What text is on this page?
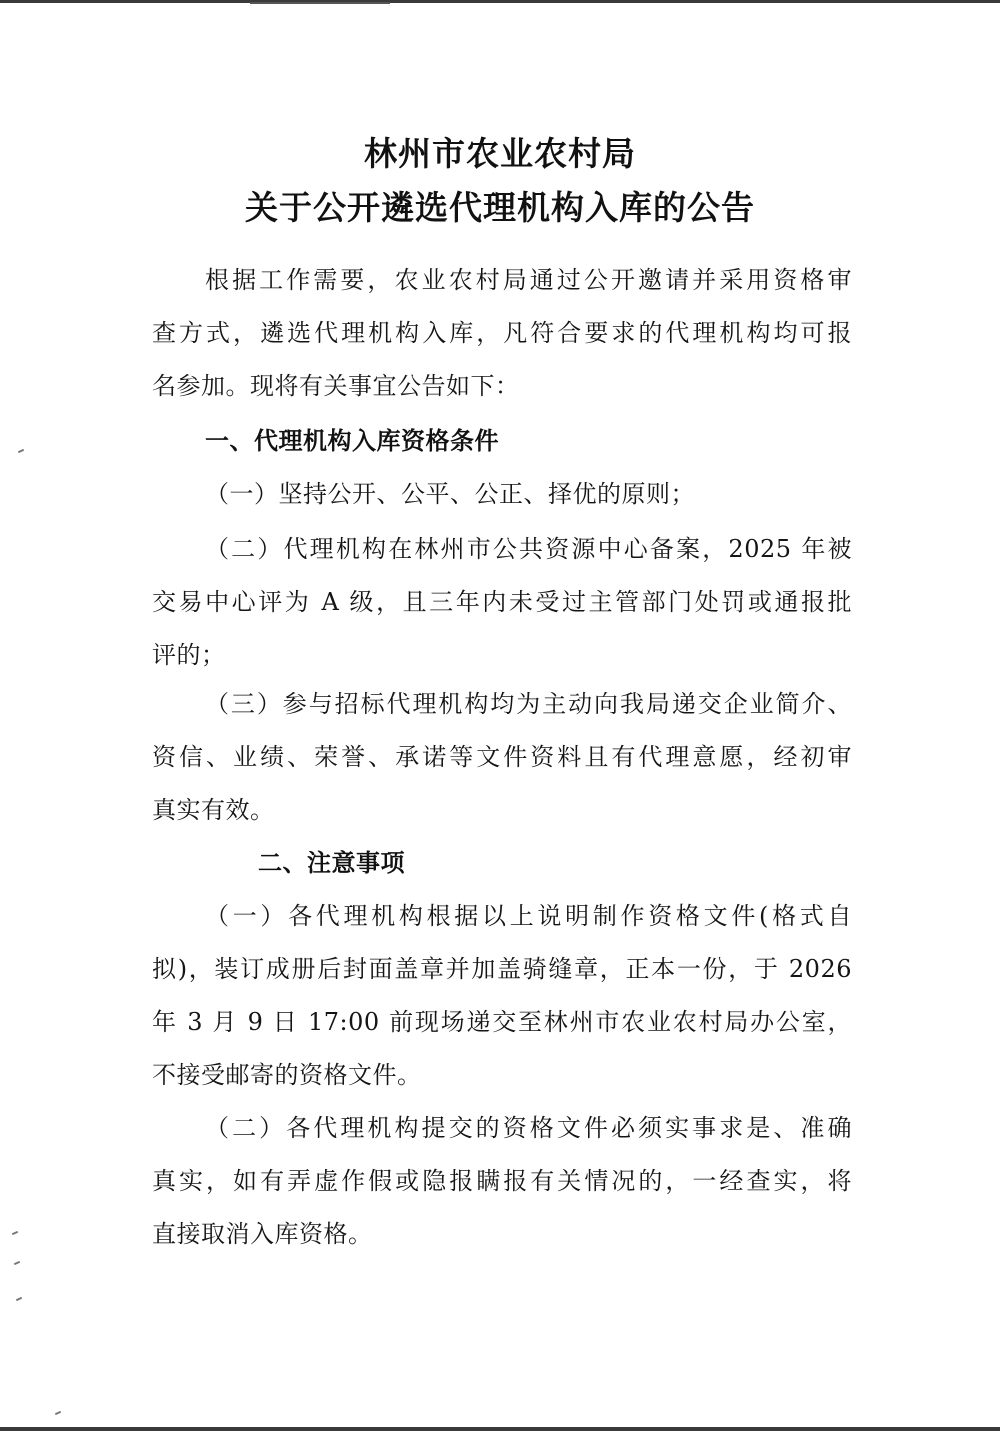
林州市农业农村局
关于公开遴选代理机构入库的公告
根据工作需要，农业农村局通过公开邀请并采用资格审
查方式，遴选代理机构入库，凡符合要求的代理机构均可报
名参加。现将有关事宜公告如下：
一、代理机构入库资格条件
（一）坚持公开、公平、公正、择优的原则；
（二）代理机构在林州市公共资源中心备案，2025 年被
交易中心评为 A 级，且三年内未受过主管部门处罚或通报批
评的；
（三）参与招标代理机构均为主动向我局递交企业简介、
资信、业绩、荣誉、承诺等文件资料且有代理意愿，经初审
真实有效。
二、注意事项
（一）各代理机构根据以上说明制作资格文件(格式自
拟)，装订成册后封面盖章并加盖骑缝章，正本一份，于 2026
年 3 月 9 日 17:00 前现场递交至林州市农业农村局办公室，
不接受邮寄的资格文件。
（二）各代理机构提交的资格文件必须实事求是、准确
真实，如有弄虚作假或隐报瞒报有关情况的，一经查实，将
直接取消入库资格。
